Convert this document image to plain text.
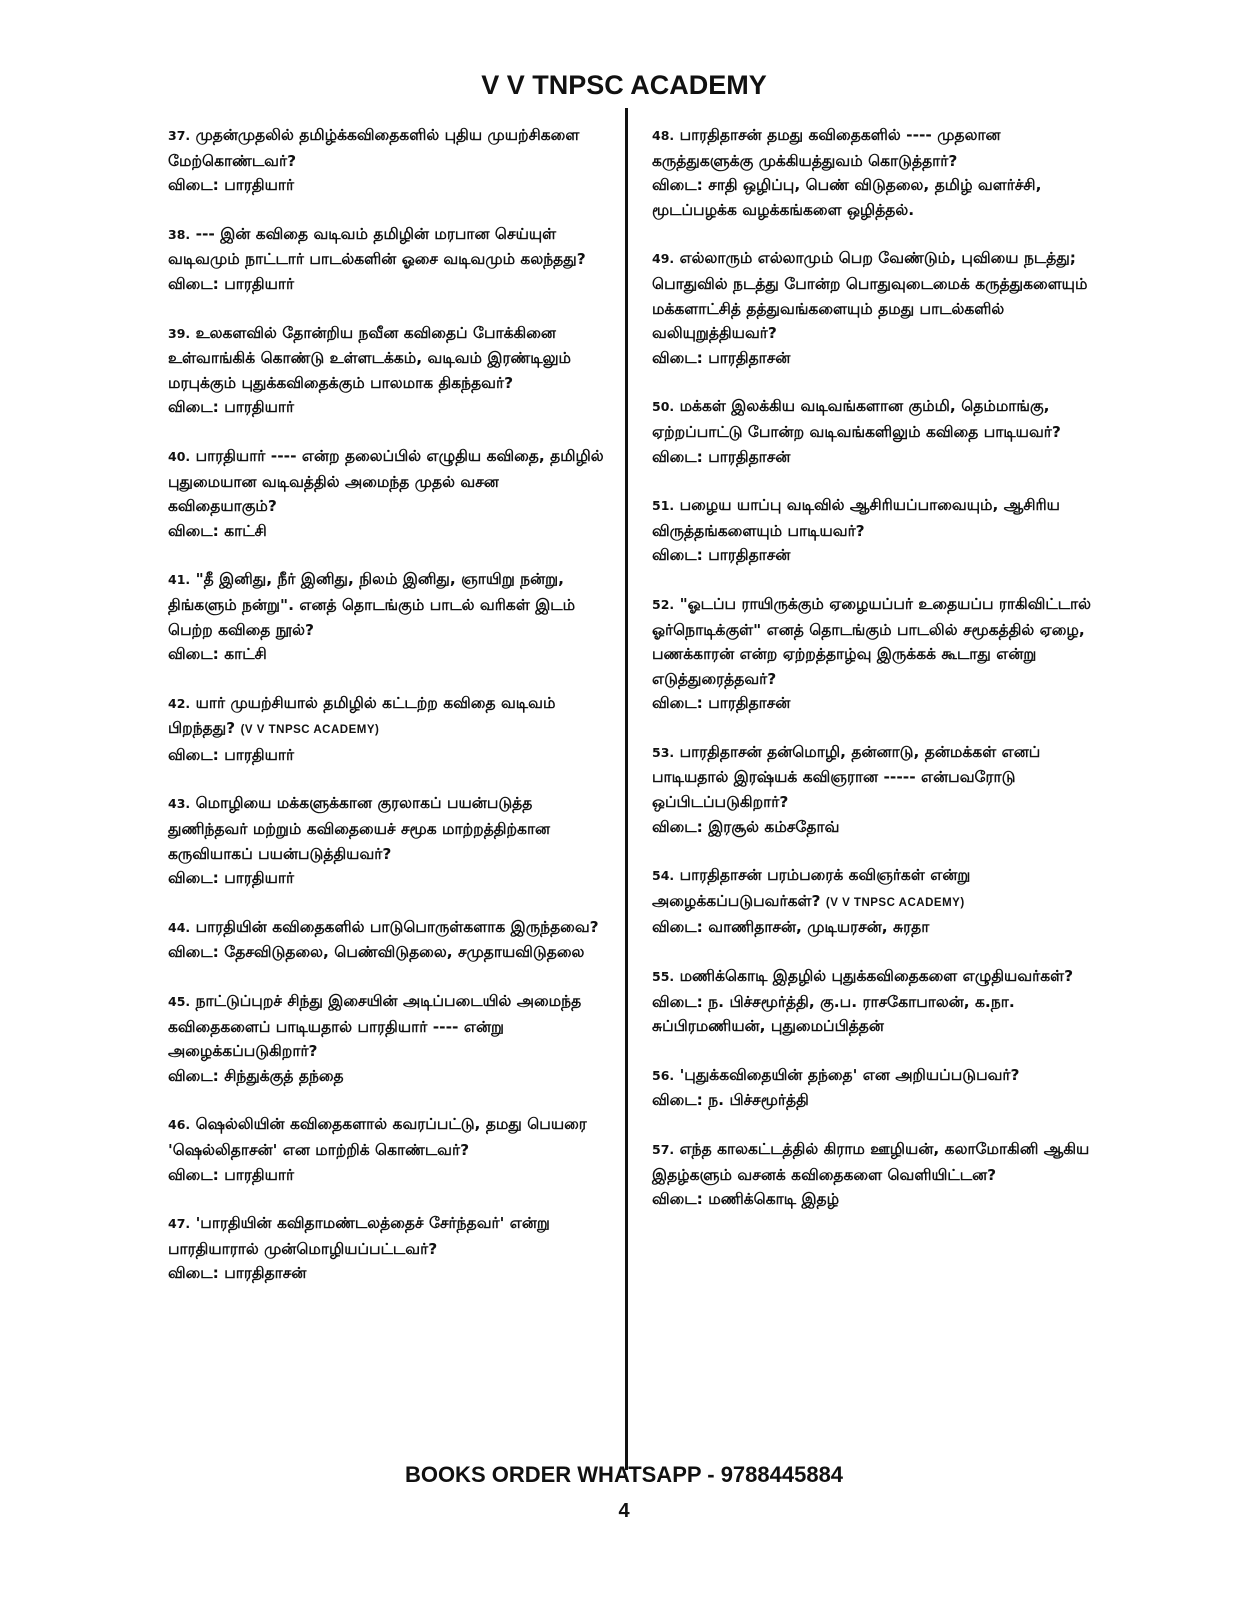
V V TNPSC ACADEMY
37. முதன்முதலில் தமிழ்க்கவிதைகளில் புதிய முயற்சிகளை மேற்கொண்டவர்?
விடை: பாரதியார்
38. --- இன் கவிதை வடிவம் தமிழின் மரபான செய்யுள் வடிவமும் நாட்டார் பாடல்களின் ஓசை வடிவமும் கலந்தது?
விடை: பாரதியார்
39. உலகளவில் தோன்றிய நவீன கவிதைப் போக்கினை உள்வாங்கிக் கொண்டு உள்ளடக்கம், வடிவம் இரண்டிலும் மரபுக்கும் புதுக்கவிதைக்கும் பாலமாக திகந்தவர்?
விடை: பாரதியார்
40. பாரதியார் ---- என்ற தலைப்பில் எழுதிய கவிதை, தமிழில் புதுமையான வடிவத்தில் அமைந்த முதல் வசன கவிதையாகும்?
விடை: காட்சி
41. "தீ இனிது, நீர் இனிது, நிலம் இனிது, ஞாயிறு நன்று, திங்களும் நன்று". எனத் தொடங்கும் பாடல் வரிகள் இடம் பெற்ற கவிதை நூல்?
விடை: காட்சி
42. யார் முயற்சியால் தமிழில் கட்டற்ற கவிதை வடிவம் பிறந்தது? (V V TNPSC ACADEMY)
விடை: பாரதியார்
43. மொழியை மக்களுக்கான குரலாகப் பயன்படுத்த துணிந்தவர் மற்றும் கவிதையைச் சமூக மாற்றத்திற்கான கருவியாகப் பயன்படுத்தியவர்?
விடை: பாரதியார்
44. பாரதியின் கவிதைகளில் பாடுபொருள்களாக இருந்தவை?
விடை: தேசவிடுதலை, பெண்விடுதலை, சமுதாயவிடுதலை
45. நாட்டுப்புறச் சிந்து இசையின் அடிப்படையில் அமைந்த கவிதைகளைப் பாடியதால் பாரதியார் ---- என்று அழைக்கப்படுகிறார்?
விடை: சிந்துக்குத் தந்தை
46. ஷெல்லியின் கவிதைகளால் கவரப்பட்டு, தமது பெயரை 'ஷெல்லிதாசன்' என மாற்றிக் கொண்டவர்?
விடை: பாரதியார்
47. 'பாரதியின் கவிதாமண்டலத்தைச் சேர்ந்தவர்' என்று பாரதியாரால் முன்மொழியப்பட்டவர்?
விடை: பாரதிதாசன்
48. பாரதிதாசன் தமது கவிதைகளில் ---- முதலான கருத்துகளுக்கு முக்கியத்துவம் கொடுத்தார்?
விடை: சாதி ஒழிப்பு, பெண் விடுதலை, தமிழ் வளர்ச்சி, மூடப்பழக்க வழக்கங்களை ஒழித்தல்.
49. எல்லாரும் எல்லாமும் பெற வேண்டும், புவியை நடத்து; பொதுவில் நடத்து போன்ற பொதுவுடைமைக் கருத்துகளையும் மக்களாட்சித் தத்துவங்களையும் தமது பாடல்களில் வலியுறுத்தியவர்?
விடை: பாரதிதாசன்
50. மக்கள் இலக்கிய வடிவங்களான கும்மி, தெம்மாங்கு, ஏற்றப்பாட்டு போன்ற வடிவங்களிலும் கவிதை பாடியவர்?
விடை: பாரதிதாசன்
51. பழைய யாப்பு வடிவில் ஆசிரியப்பாவையும், ஆசிரிய விருத்தங்களையும் பாடியவர்?
விடை: பாரதிதாசன்
52. "ஓடப்ப ராயிருக்கும் ஏழையப்பர் உதையப்ப ராகிவிட்டால் ஓர்நொடிக்குள்" எனத் தொடங்கும் பாடலில் சமூகத்தில் ஏழை, பணக்காரன் என்ற ஏற்றத்தாழ்வு இருக்கக் கூடாது என்று எடுத்துரைத்தவர்?
விடை: பாரதிதாசன்
53. பாரதிதாசன் தன்மொழி, தன்னாடு, தன்மக்கள் எனப் பாடியதால் இரஷ்யக் கவிஞரான ----- என்பவரோடு ஒப்பிடப்படுகிறார்?
விடை: இரசூல் கம்சதோவ்
54. பாரதிதாசன் பரம்பரைக் கவிஞர்கள் என்று அழைக்கப்படுபவர்கள்? (V V TNPSC ACADEMY)
விடை: வாணிதாசன், முடியரசன், சுரதா
55. மணிக்கொடி இதழில் புதுக்கவிதைகளை எழுதியவர்கள்?
விடை: ந. பிச்சமூர்த்தி, கு.ப. ராசகோபாலன், க.நா. சுப்பிரமணியன், புதுமைப்பித்தன்
56. 'புதுக்கவிதையின் தந்தை' என அறியப்படுபவர்?
விடை: ந. பிச்சமூர்த்தி
57. எந்த காலகட்டத்தில் கிராம ஊழியன், கலாமோகினி ஆகிய இதழ்களும் வசனக் கவிதைகளை வெளியிட்டன?
விடை: மணிக்கொடி இதழ்
BOOKS ORDER WHATSAPP - 9788445884
4
